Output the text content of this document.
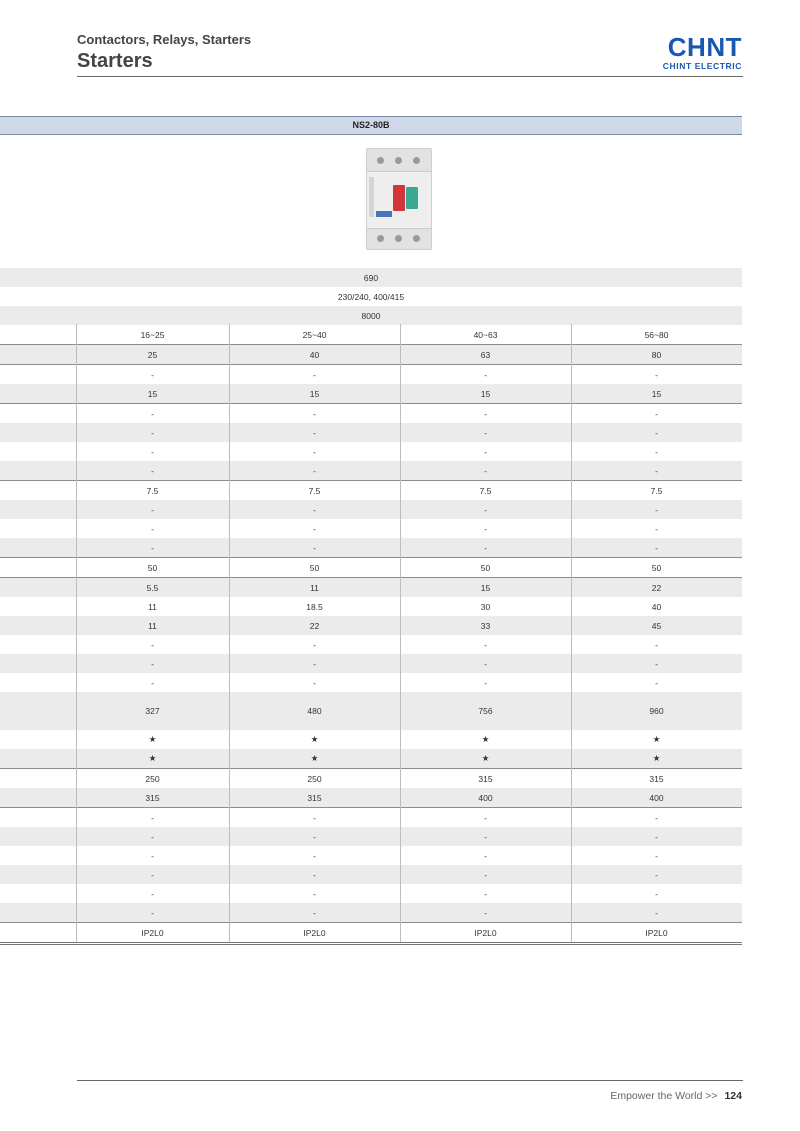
Contactors, Relays, Starters
Starters	CHNT
CHINT ELECTRIC
NS2-80B
690
230/240, 400/415
8000
16~25	25~40	40~63	56~80
25	40	63	80
-	-	-	-
15	15	15	15
-	-	-	-
-	-	-	-
-	-	-	-
-	-	-	-
7.5	7.5	7.5	7.5
-	-	-	-
-	-	-	-
-	-	-	-
50	50	50	50
5.5	11	15	22
11	18.5	30	40
11	22	33	45
-	-	-	-
-	-	-	-
-	-	-	-
327	480	756	960
★	★	★	★
★	★	★	★
250	250	315	315
315	315	400	400
-	-	-	-
-	-	-	-
-	-	-	-
-	-	-	-
-	-	-	-
-	-	-	-
IP2L0	IP2L0	IP2L0	IP2L0
Empower the World >> 124
